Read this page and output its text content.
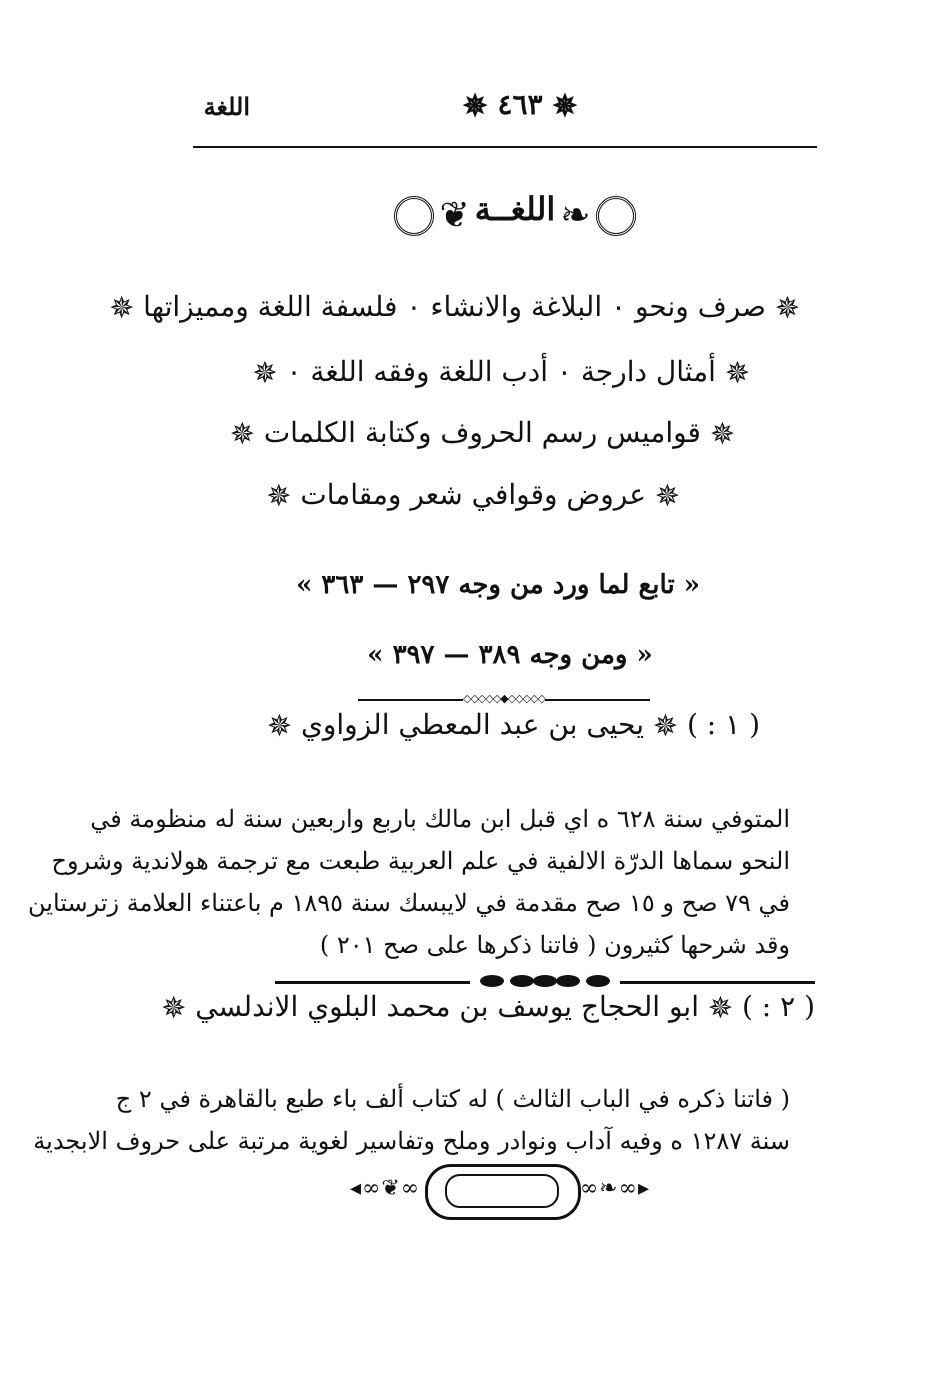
اللغة	✵ ٤٦٣ ✵
❦ اللغــة ❧
✵ صرف ونحو ٠ البلاغة والانشاء ٠ فلسفة اللغة ومميزاتها ✵
✵ أمثال دارجة ٠ أدب اللغة وفقه اللغة ٠ ✵
✵ قواميس رسم الحروف وكتابة الكلمات ✵
✵ عروض وقوافي شعر ومقامات ✵
« تابع لما ورد من وجه ٢٩٧ — ٣٦٣ »
« ومن وجه ٣٨٩ — ٣٩٧ »
◇◇◇◇◇◆◇◇◇◇◇
( ١ : ) ✵ يحيى بن عبد المعطي الزواوي ✵
المتوفي سنة ٦٢٨ ه اي قبل ابن مالك باربع واربعين سنة له منظومة في
النحو سماها الدرّة الالفية في علم العربية طبعت مع ترجمة هولاندية وشروح
في ٧٩ صح و ١٥ صح مقدمة في لايبسك سنة ١٨٩٥ م باعتناء العلامة زترستاين
وقد شرحها كثيرون ( فاتنا ذكرها على صح ٢٠١ )
( ٢ : ) ✵ ابو الحجاج يوسف بن محمد البلوي الاندلسي ✵
( فاتنا ذكره في الباب الثالث ) له كتاب ألف باء طبع بالقاهرة في ٢ ج
سنة ١٢٨٧ ه وفيه آداب ونوادر وملح وتفاسير لغوية مرتبة على حروف الابجدية
◂∞❦∞	∞❧∞▸
